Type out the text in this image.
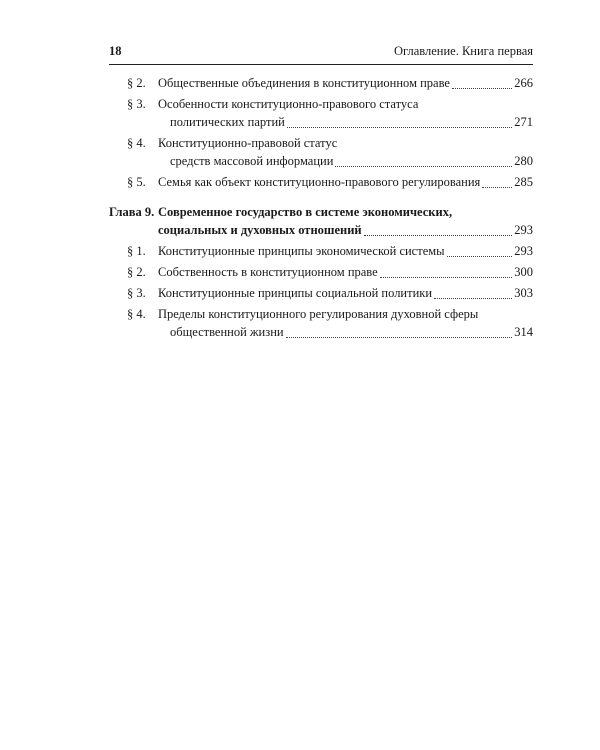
18	Оглавление. Книга первая
§ 2. Общественные объединения в конституционном праве	266
§ 3. Особенности конституционно-правового статуса
политических партий	271
§ 4. Конституционно-правовой статус
средств массовой информации	280
§ 5. Семья как объект конституционно-правового регулирования	285
Глава 9. Современное государство в системе экономических,
социальных и духовных отношений	293
§ 1. Конституционные принципы экономической системы	293
§ 2. Собственность в конституционном праве	300
§ 3. Конституционные принципы социальной политики	303
§ 4. Пределы конституционного регулирования духовной сферы
общественной жизни	314
